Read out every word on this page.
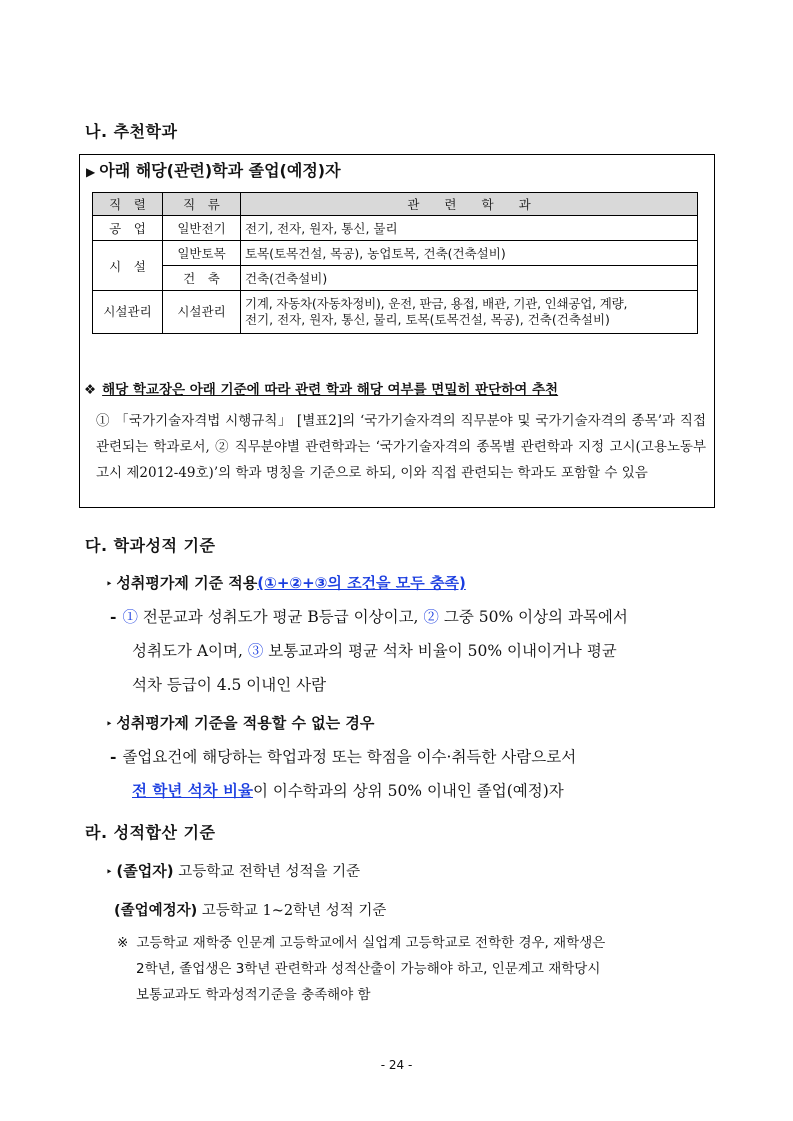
나. 추천학과
▶ 아래 해당(관련)학과 졸업(예정)자
직　렬	직　류	관　　련　　학　　과
공　업	일반전기	전기, 전자, 원자, 통신, 물리
시　설	일반토목	토목(토목건설, 목공), 농업토목, 건축(건축설비)
	건　축	건축(건축설비)
시설관리	시설관리	기계, 자동차(자동차정비), 운전, 판금, 용접, 배관, 기관, 인쇄공업, 계량,
전기, 전자, 원자, 통신, 물리, 토목(토목건설, 목공), 건축(건축설비)
❖ 해당 학교장은 아래 기준에 따라 관련 학과 해당 여부를 면밀히 판단하여 추천
① 「국가기술자격법 시행규칙」 [별표2]의 ‘국가기술자격의 직무분야 및 국가기술자격의 종목’과 직접 관련되는 학과로서, ② 직무분야별 관련학과는 ‘국가기술자격의 종목별 관련학과 지정 고시(고용노동부고시 제2012-49호)’의 학과 명칭을 기준으로 하되, 이와 직접 관련되는 학과도 포함할 수 있음
다. 학과성적 기준
‣ 성취평가제 기준 적용(①+②+③의 조건을 모두 충족)
- ① 전문교과 성취도가 평균 B등급 이상이고, ② 그중 50% 이상의 과목에서
성취도가 A이며, ③ 보통교과의 평균 석차 비율이 50% 이내이거나 평균
석차 등급이 4.5 이내인 사람
‣ 성취평가제 기준을 적용할 수 없는 경우
- 졸업요건에 해당하는 학업과정 또는 학점을 이수·취득한 사람으로서
전 학년 석차 비율이 이수학과의 상위 50% 이내인 졸업(예정)자
라. 성적합산 기준
‣ (졸업자) 고등학교 전학년 성적을 기준
(졸업예정자) 고등학교 1~2학년 성적 기준
※ 고등학교 재학중 인문계 고등학교에서 실업계 고등학교로 전학한 경우, 재학생은
2학년, 졸업생은 3학년 관련학과 성적산출이 가능해야 하고, 인문계고 재학당시
보통교과도 학과성적기준을 충족해야 함
- 24 -
